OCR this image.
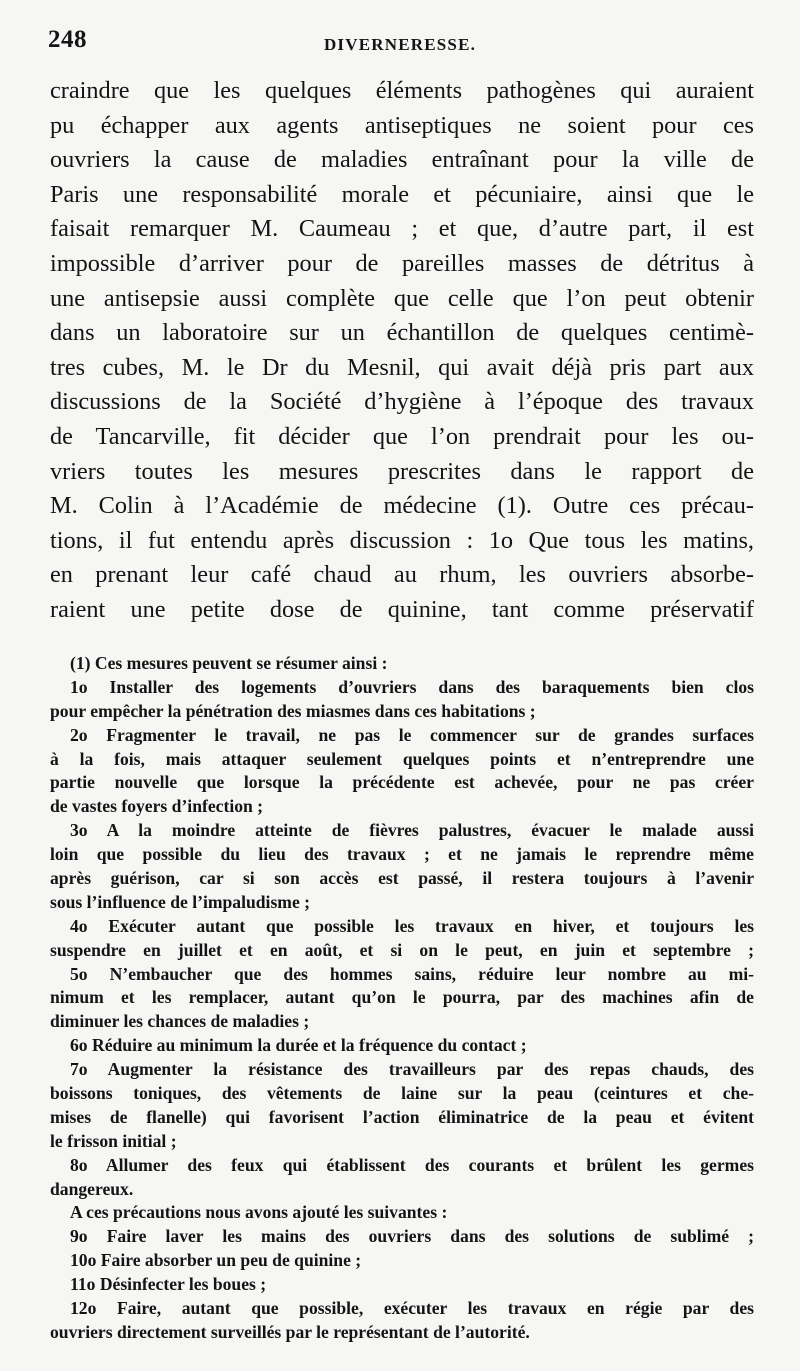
248	DIVERNERESSE.
craindre que les quelques éléments pathogènes qui auraient
pu échapper aux agents antiseptiques ne soient pour ces
ouvriers la cause de maladies entraînant pour la ville de
Paris une responsabilité morale et pécuniaire, ainsi que le
faisait remarquer M. Caumeau ; et que, d’autre part, il est
impossible d’arriver pour de pareilles masses de détritus à
une antisepsie aussi complète que celle que l’on peut obtenir
dans un laboratoire sur un échantillon de quelques centimè-
tres cubes, M. le Dr du Mesnil, qui avait déjà pris part aux
discussions de la Société d’hygiène à l’époque des travaux
de Tancarville, fit décider que l’on prendrait pour les ou-
vriers toutes les mesures prescrites dans le rapport de
M. Colin à l’Académie de médecine (1). Outre ces précau-
tions, il fut entendu après discussion : 1o Que tous les matins,
en prenant leur café chaud au rhum, les ouvriers absorbe-
raient une petite dose de quinine, tant comme préservatif
(1) Ces mesures peuvent se résumer ainsi :
1o Installer des logements d’ouvriers dans des baraquements bien clos
pour empêcher la pénétration des miasmes dans ces habitations ;
2o Fragmenter le travail, ne pas le commencer sur de grandes surfaces
à la fois, mais attaquer seulement quelques points et n’entreprendre une
partie nouvelle que lorsque la précédente est achevée, pour ne pas créer
de vastes foyers d’infection ;
3o A la moindre atteinte de fièvres palustres, évacuer le malade aussi
loin que possible du lieu des travaux ; et ne jamais le reprendre même
après guérison, car si son accès est passé, il restera toujours à l’avenir
sous l’influence de l’impaludisme ;
4o Exécuter autant que possible les travaux en hiver, et toujours les
suspendre en juillet et en août, et si on le peut, en juin et septembre ;
5o N’embaucher que des hommes sains, réduire leur nombre au mi-
nimum et les remplacer, autant qu’on le pourra, par des machines afin de
diminuer les chances de maladies ;
6o Réduire au minimum la durée et la fréquence du contact ;
7o Augmenter la résistance des travailleurs par des repas chauds, des
boissons toniques, des vêtements de laine sur la peau (ceintures et che-
mises de flanelle) qui favorisent l’action éliminatrice de la peau et évitent
le frisson initial ;
8o Allumer des feux qui établissent des courants et brûlent les germes
dangereux.
A ces précautions nous avons ajouté les suivantes :
9o Faire laver les mains des ouvriers dans des solutions de sublimé ;
10o Faire absorber un peu de quinine ;
11o Désinfecter les boues ;
12o Faire, autant que possible, exécuter les travaux en régie par des
ouvriers directement surveillés par le représentant de l’autorité.
